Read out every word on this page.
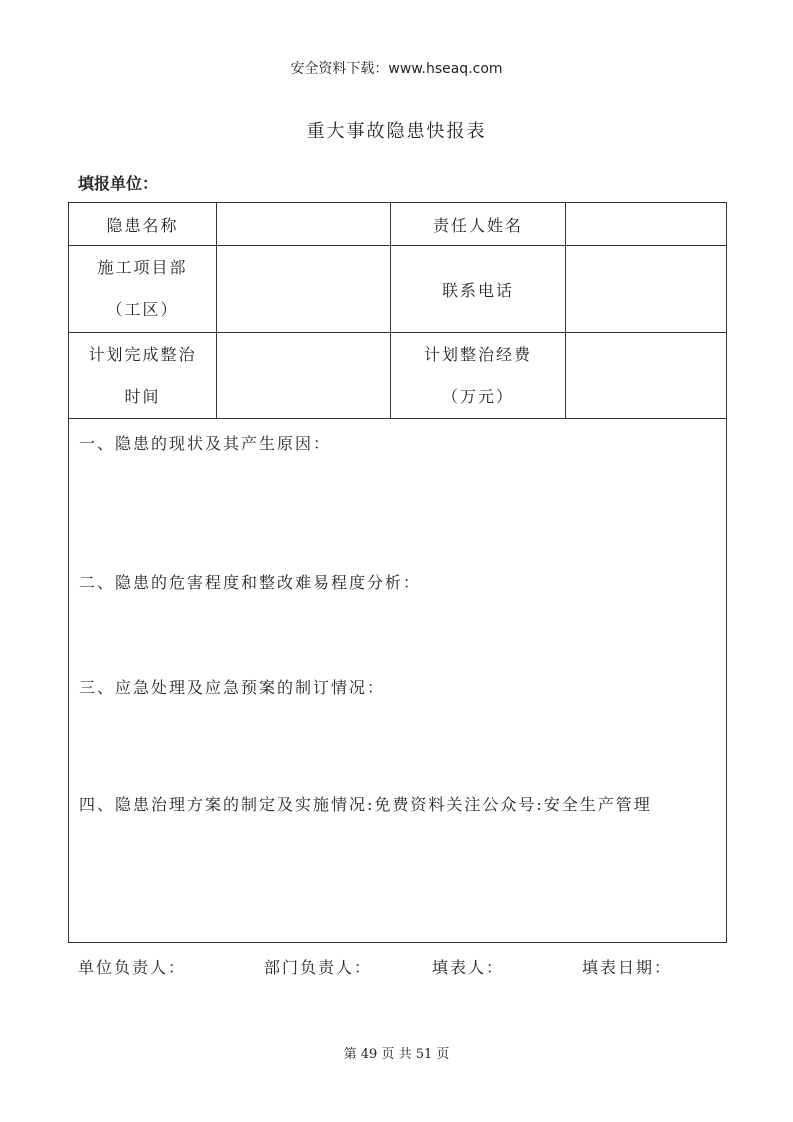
安全资料下载：www.hseaq.com
重大事故隐患快报表
填报单位：
隐患名称		责任人姓名	

施工项目部
（工区）		联系电话	

计划完成整治
时间		计划整治经费
（万元）	

一、隐患的现状及其产生原因：
二、隐患的危害程度和整改难易程度分析：
三、应急处理及应急预案的制订情况：
四、隐患治理方案的制定及实施情况:免费资料关注公众号:安全生产管理			
单位负责人：	部门负责人：	填表人：	填表日期：
第 49 页 共 51 页
